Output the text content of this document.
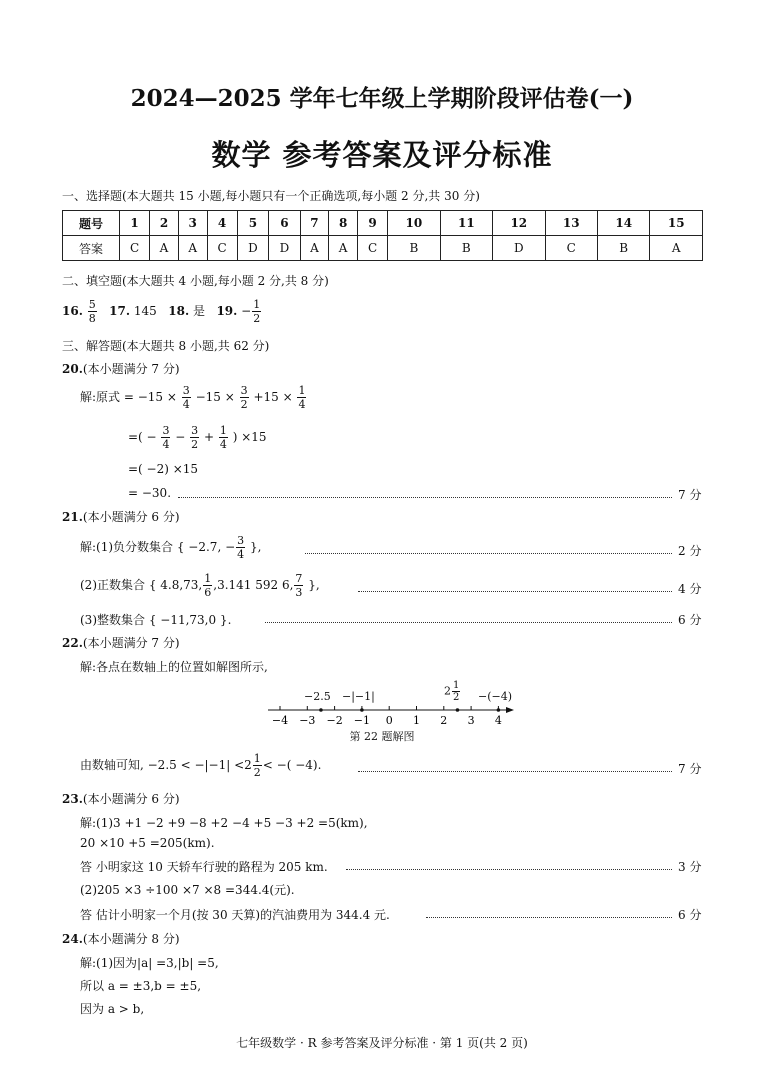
2024—2025 学年七年级上学期阶段评估卷(一)
数学 参考答案及评分标准
一、选择题(本大题共 15 小题,每小题只有一个正确选项,每小题 2 分,共 30 分)
题号	1	2	3	4	5	6	7	8	9	10	11	12	13	14	15
答案	C	A	A	C	D	D	A	A	C	B	B	D	C	B	A
二、填空题(本大题共 4 小题,每小题 2 分,共 8 分)
16. $\frac{5}{8} 17$. 145 18. 是 19. − $\frac{1}{2}$
三、解答题(本大题共 8 小题,共 62 分)
20.(本小题满分 7 分)
解:原式 = $-15 \times \frac{3}{4} -15 \times \frac{3}{2} +15 \times \frac{1}{4}$
=( − $\frac{3}{4} - \frac{3}{2} + \frac{1}{4}$ ) ×15
=( −2) ×15
= −30.	7 分
21.(本小题满分 6 分)
解:(1)负分数集合 { −2.7, − $\frac{3}{4}$ },	2 分
(2)正数集合 { 4.8,73, $\frac{1}{6} ,3.141$ 592 6, $\frac{7}{3}$ },	4 分
(3)整数集合 { −11,73,0 }.	6 分
22.(本小题满分 7 分)
解:各点在数轴上的位置如解图所示,
−4 −3 −2 −1 0 1 2 3 4
−2.5 −|−1|	$2 \frac{1}{2} -(-4)$
第 22 题解图
由数轴可知, $-2.5 < -|-1| <2 \frac{1}{2}$ < −( −4).	7 分
23.(本小题满分 6 分)
解:(1)3 +1 −2 +9 −8 +2 −4 +5 −3 +2 =5(km),
20 ×10 +5 =205(km).
答 小明家这 10 天轿车行驶的路程为 205 km.	3 分
(2)205 ×3 ÷100 ×7 ×8 =344.4(元).
答 估计小明家一个月(按 30 天算)的汽油费用为 344.4 元.	6 分
24.(本小题满分 8 分)
解:(1)因为|a| =3,|b| =5,
所以 a = ±3,b = ±5,
因为 a > b,
七年级数学 · R 参考答案及评分标准 · 第 1 页(共 2 页)
